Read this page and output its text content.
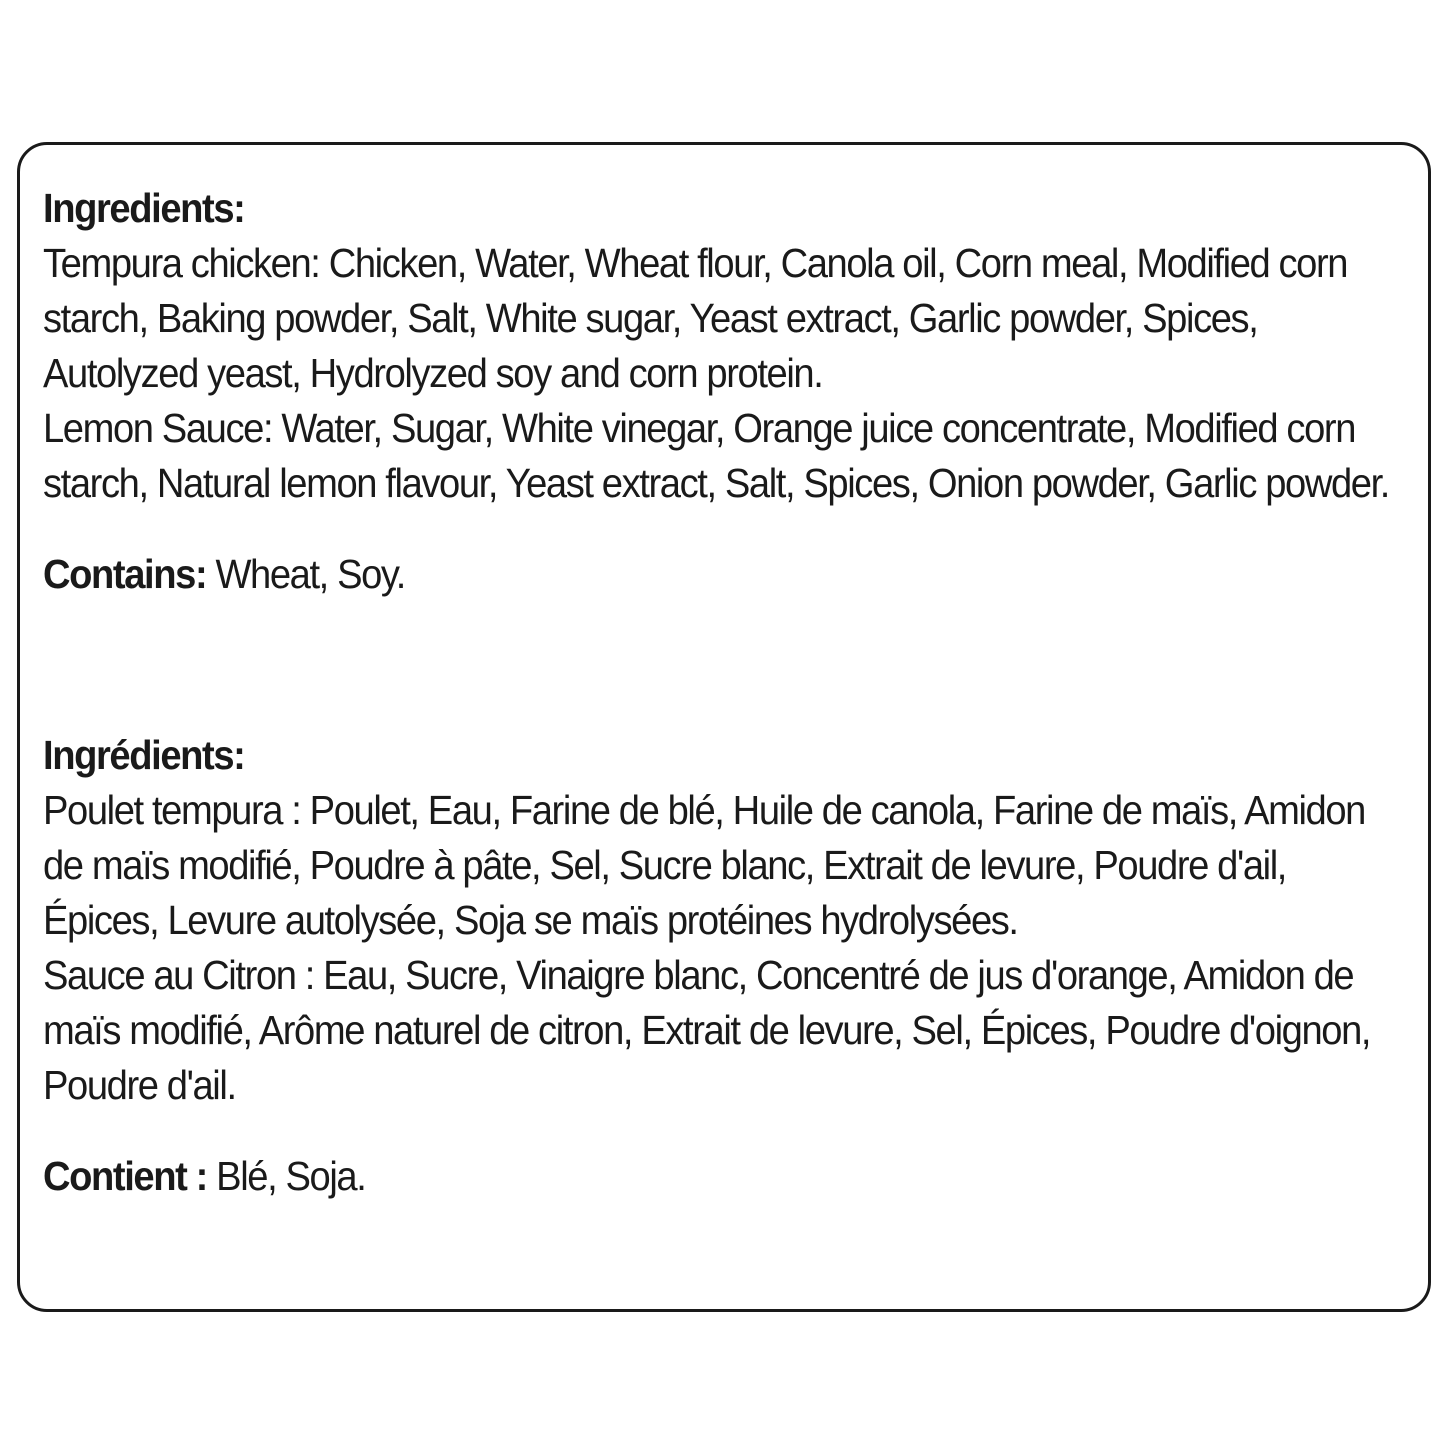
Ingredients:

Tempura chicken: Chicken, Water, Wheat flour, Canola oil, Corn meal, Modified corn starch, Baking powder, Salt, White sugar, Yeast extract, Garlic powder, Spices, Autolyzed yeast, Hydrolyzed soy and corn protein.

Lemon Sauce: Water, Sugar, White vinegar, Orange juice concentrate, Modified corn starch, Natural lemon flavour, Yeast extract, Salt, Spices, Onion powder, Garlic powder.

Contains: Wheat, Soy.

Ingrédients:

Poulet tempura : Poulet, Eau, Farine de blé, Huile de canola, Farine de maïs, Amidon de maïs modifié, Poudre à pâte, Sel, Sucre blanc, Extrait de levure, Poudre d'ail, Épices, Levure autolysée, Soja se maïs protéines hydrolysées.

Sauce au Citron : Eau, Sucre, Vinaigre blanc, Concentré de jus d'orange, Amidon de maïs modifié, Arôme naturel de citron, Extrait de levure, Sel, Épices, Poudre d'oignon, Poudre d'ail.

Contient : Blé, Soja.
